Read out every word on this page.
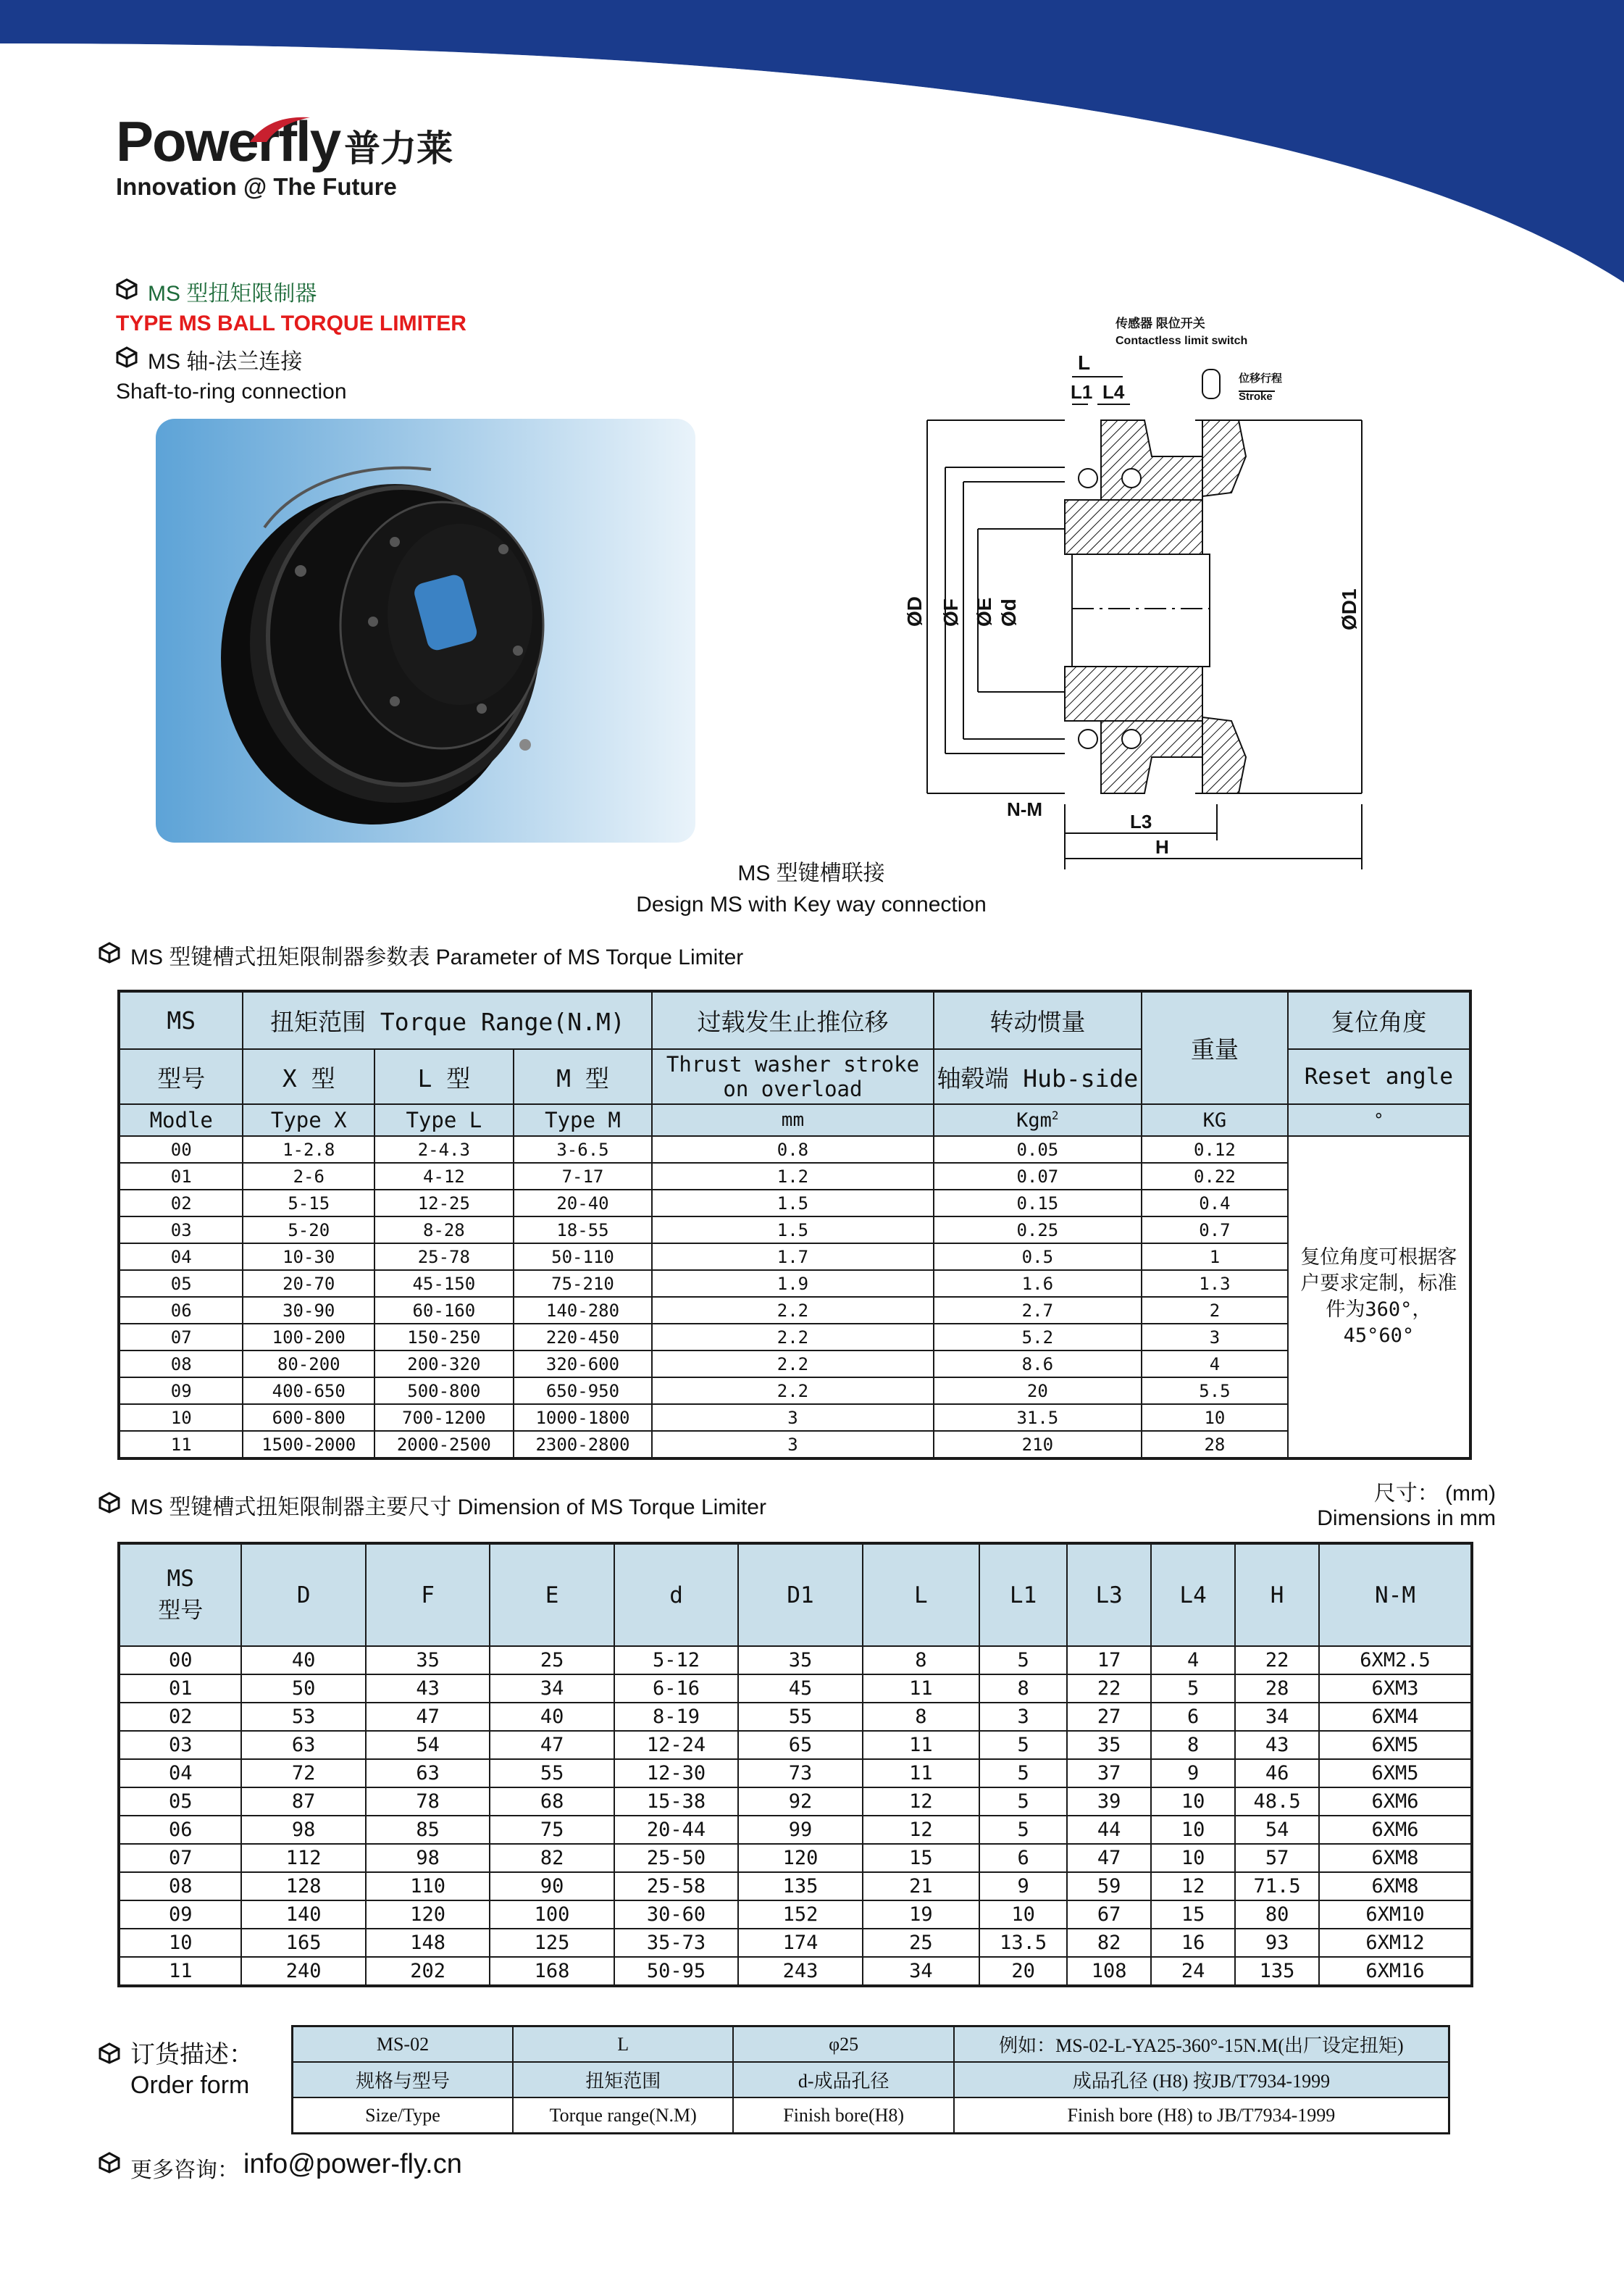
Powerfly 普力莱
Innovation @ The Future
MS 型扭矩限制器
TYPE MS BALL TORQUE LIMITER
MS 轴-法兰连接
Shaft-to-ring connection
传感器 限位开关
Contactless limit switch
位移行程
Stroke
L
L1 L4
N-M
L3
H
ØD ØF ØE Ød	ØD1
MS 型键槽联接
Design MS with Key way connection
MS 型键槽式扭矩限制器参数表 Parameter of MS Torque Limiter
MS	扭矩范围 Torque Range(N.M)			过载发生止推位移	转动惯量	重量	复位角度
型号	X 型	L 型	M 型	Thrust washer stroke on overload	轴毂端 Hub-side		Reset angle
Modle	Type X	Type L	Type M	mm	Kgm$^2$	KG	°
00	1-2.8	2-4.3	3-6.5	0.8	0.05	0.12	复位角度可根据客户要求定制，标准件为360°，45°60°
01	2-6	4-12	7-17	1.2	0.07	0.22	
02	5-15	12-25	20-40	1.5	0.15	0.4	
03	5-20	8-28	18-55	1.5	0.25	0.7	
04	10-30	25-78	50-110	1.7	0.5	1	
05	20-70	45-150	75-210	1.9	1.6	1.3	
06	30-90	60-160	140-280	2.2	2.7	2	
07	100-200	150-250	220-450	2.2	5.2	3	
08	80-200	200-320	320-600	2.2	8.6	4	
09	400-650	500-800	650-950	2.2	20	5.5	
10	600-800	700-1200	1000-1800	3	31.5	10	
11	1500-2000	2000-2500	2300-2800	3	210	28	
MS 型键槽式扭矩限制器主要尺寸 Dimension of MS Torque Limiter
尺寸： (mm)
Dimensions in mm
MS
型号	D	F	E	d	D1	L	L1	L3	L4	H	N-M
00	40	35	25	5-12	35	8	5	17	4	22	6XM2.5
01	50	43	34	6-16	45	11	8	22	5	28	6XM3
02	53	47	40	8-19	55	8	3	27	6	34	6XM4
03	63	54	47	12-24	65	11	5	35	8	43	6XM5
04	72	63	55	12-30	73	11	5	37	9	46	6XM5
05	87	78	68	15-38	92	12	5	39	10	48.5	6XM6
06	98	85	75	20-44	99	12	5	44	10	54	6XM6
07	112	98	82	25-50	120	15	6	47	10	57	6XM8
08	128	110	90	25-58	135	21	9	59	12	71.5	6XM8
09	140	120	100	30-60	152	19	10	67	15	80	6XM10
10	165	148	125	35-73	174	25	13.5	82	16	93	6XM12
11	240	202	168	50-95	243	34	20	108	24	135	6XM16
订货描述：
Order form
MS-02	L	φ25	例如：MS-02-L-YA25-360°-15N.M(出厂设定扭矩)
规格与型号	扭矩范围	d-成品孔径	成品孔径 (H8) 按JB/T7934-1999
Size/Type	Torque range(N.M)	Finish bore(H8)	Finish bore (H8) to JB/T7934-1999
更多咨询： info@power-fly.cn
